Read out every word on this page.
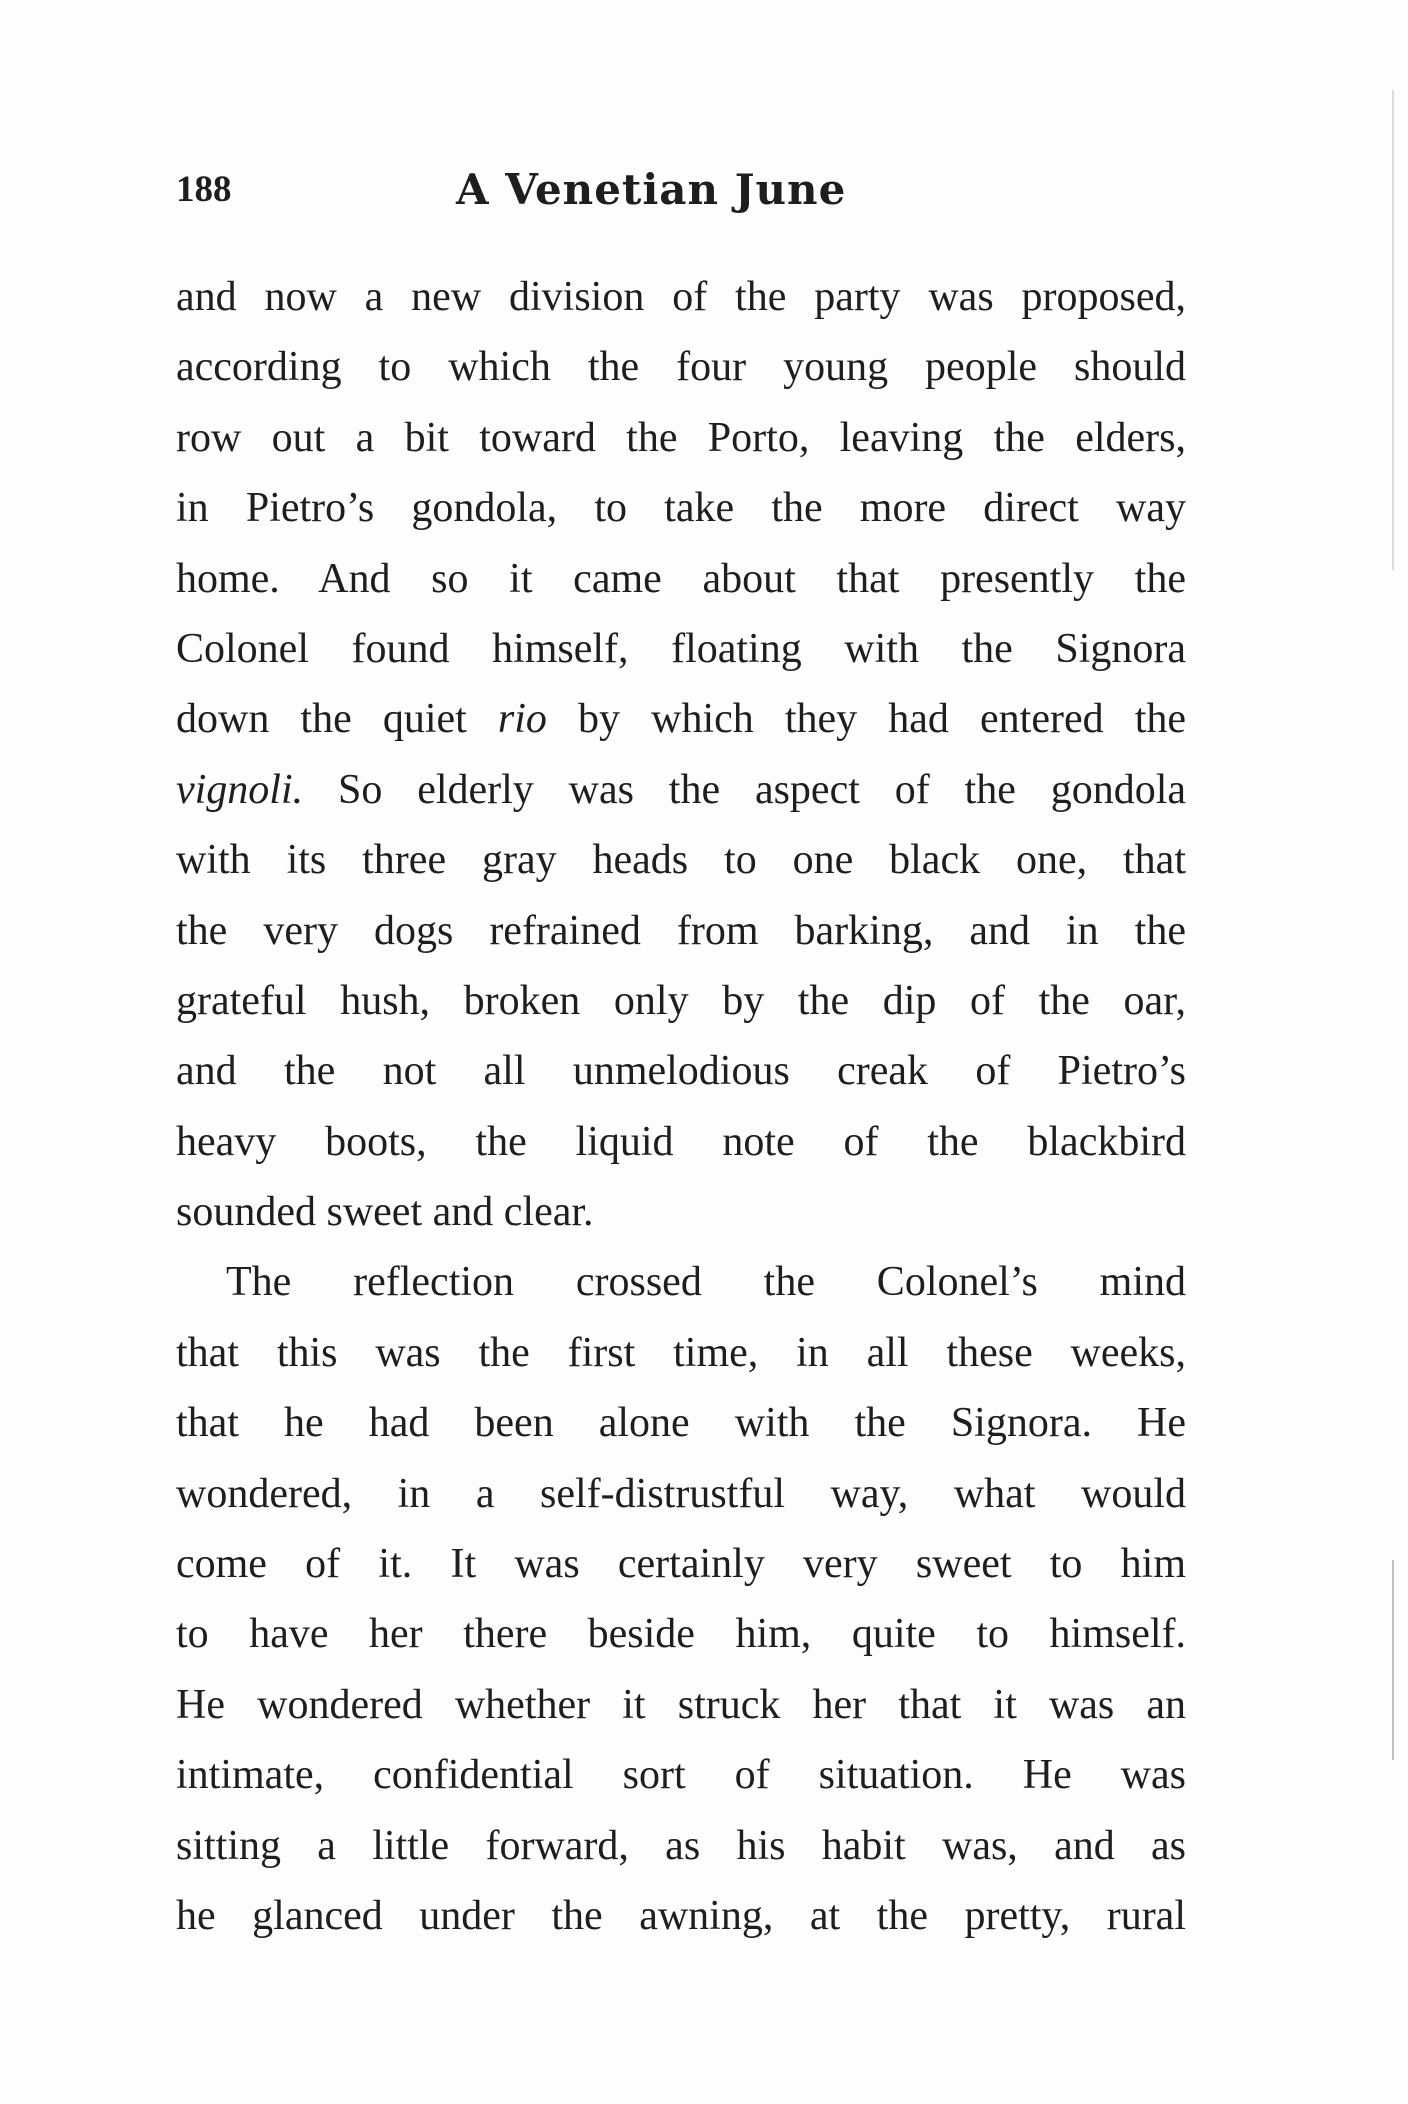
188	A Venetian June
and now a new division of the party was proposed,
according to which the four young people should
row out a bit toward the Porto, leaving the elders,
in Pietro’s gondola, to take the more direct way
home. And so it came about that presently the
Colonel found himself, floating with the Signora
down the quiet rio by which they had entered the
vignoli. So elderly was the aspect of the gondola
with its three gray heads to one black one, that
the very dogs refrained from barking, and in the
grateful hush, broken only by the dip of the oar,
and the not all unmelodious creak of Pietro’s
heavy boots, the liquid note of the blackbird
sounded sweet and clear.
The reflection crossed the Colonel’s mind
that this was the first time, in all these weeks,
that he had been alone with the Signora. He
wondered, in a self-distrustful way, what would
come of it. It was certainly very sweet to him
to have her there beside him, quite to himself.
He wondered whether it struck her that it was an
intimate, confidential sort of situation. He was
sitting a little forward, as his habit was, and as
he glanced under the awning, at the pretty, rural
